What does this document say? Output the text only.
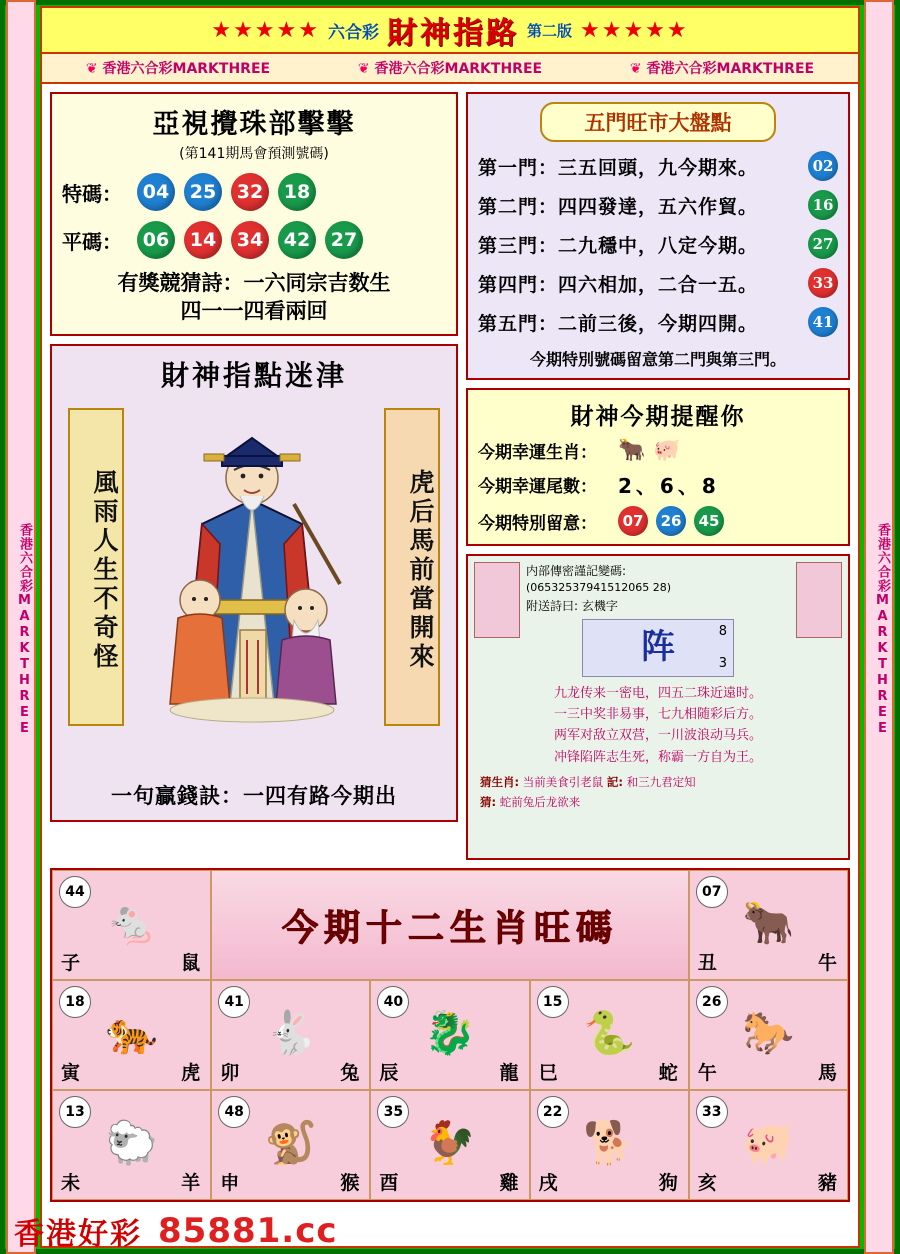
香港六合彩MARKTHREE	香港六合彩MARKTHREE
★★★★★ 六合彩 財神指路 第二版 ★★★★★
❦ 香港六合彩MARKTHREE	❦ 香港六合彩MARKTHREE	❦ 香港六合彩MARKTHREE
亞視攪珠部擊擊
(第141期馬會預測號碼)
特碼：	04	25	32	18
平碼：	06	14	34	42	27
有獎競猜詩：一六同宗吉数生
四一一四看兩回
財神指點迷津
風雨人生不奇怪	虎后馬前當開來
一句贏錢訣：一四有路今期出
五門旺市大盤點
第一門：三五回頭，九今期來。	02
第二門：四四發達，五六作貿。	16
第三門：二九穩中，八定今期。	27
第四門：四六相加，二合一五。	33
第五門：二前三後，今期四開。	41
今期特別號碼留意第二門與第三門。
財神今期提醒你
今期幸運生肖： 🐂 🐖
今期幸運尾數：	2、6、8
今期特別留意：	07	26	45
内部傳密謹記變碼:
(06532537941512065 28)
附送詩曰: 玄機字
8
阵	3
九龙传来一密电，四五二珠近遠时。
一三中奖非易事，七九相随彩后方。
两军对敌立双营，一川波浪动马兵。
冲锋陷阵志生死，称霸一方自为王。
猜生肖: 当前美食引老鼠 記: 和三九君定知
猜: 蛇前兔后龙欲来
44
🐁
子	鼠
今期十二生肖旺碼
07
🐂
丑	牛
18
🐅
寅	虎
41
🐇
卯	兔
40
🐉
辰	龍
15
🐍
巳	蛇
26
🐎
午	馬
13
🐑
未	羊
48
🐒
申	猴
35
🐓
酉	雞
22
🐕
戌	狗
33
🐖
亥	豬
香港好彩 85881.cc
